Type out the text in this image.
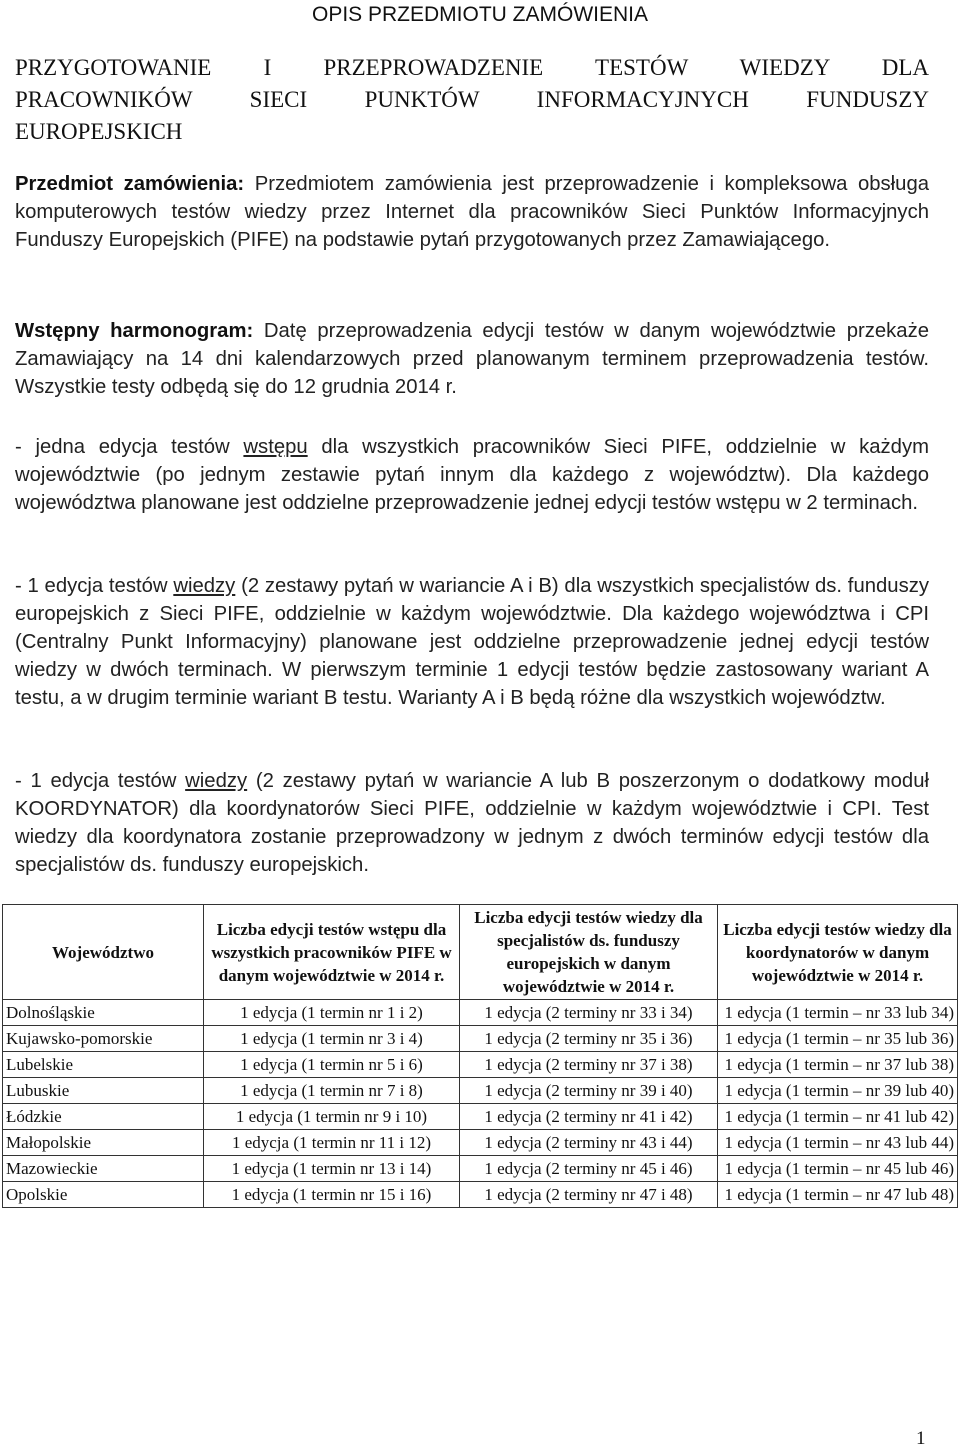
OPIS PRZEDMIOTU ZAMÓWIENIA
PRZYGOTOWANIE I PRZEPROWADZENIE TESTÓW WIEDZY DLA
PRACOWNIKÓW SIECI PUNKTÓW INFORMACYJNYCH FUNDUSZY
EUROPEJSKICH
Przedmiot zamówienia: Przedmiotem zamówienia jest przeprowadzenie i kompleksowa obsługa komputerowych testów wiedzy przez Internet dla pracowników Sieci Punktów Informacyjnych Funduszy Europejskich (PIFE) na podstawie pytań przygotowanych przez Zamawiającego.
Wstępny harmonogram: Datę przeprowadzenia edycji testów w danym województwie przekaże Zamawiający na 14 dni kalendarzowych przed planowanym terminem przeprowadzenia testów. Wszystkie testy odbędą się do 12 grudnia 2014 r.
- jedna edycja testów wstępu dla wszystkich pracowników Sieci PIFE, oddzielnie w każdym województwie (po jednym zestawie pytań innym dla każdego z województw). Dla każdego województwa planowane jest oddzielne przeprowadzenie jednej edycji testów wstępu w 2 terminach.
- 1 edycja testów wiedzy (2 zestawy pytań w wariancie A i B) dla wszystkich specjalistów ds. funduszy europejskich z Sieci PIFE, oddzielnie w każdym województwie. Dla każdego województwa i CPI (Centralny Punkt Informacyjny) planowane jest oddzielne przeprowadzenie jednej edycji testów wiedzy w dwóch terminach. W pierwszym terminie 1 edycji testów będzie zastosowany wariant A testu, a w drugim terminie wariant B testu. Warianty A i B będą różne dla wszystkich województw.
- 1 edycja testów wiedzy (2 zestawy pytań w wariancie A lub B poszerzonym o dodatkowy moduł KOORDYNATOR) dla koordynatorów Sieci PIFE, oddzielnie w każdym województwie i CPI. Test wiedzy dla koordynatora zostanie przeprowadzony w jednym z dwóch terminów edycji testów dla specjalistów ds. funduszy europejskich.
Województwo	Liczba edycji testów wstępu dla wszystkich pracowników PIFE w danym województwie w 2014 r.	Liczba edycji testów wiedzy dla specjalistów ds. funduszy europejskich w danym województwie w 2014 r.	Liczba edycji testów wiedzy dla koordynatorów w danym województwie w 2014 r.
Dolnośląskie	1 edycja (1 termin nr 1 i 2)	1 edycja (2 terminy nr 33 i 34)	1 edycja (1 termin – nr 33 lub 34)
Kujawsko-pomorskie	1 edycja (1 termin nr 3 i 4)	1 edycja (2 terminy nr 35 i 36)	1 edycja (1 termin – nr 35 lub 36)
Lubelskie	1 edycja (1 termin nr 5 i 6)	1 edycja (2 terminy nr 37 i 38)	1 edycja (1 termin – nr 37 lub 38)
Lubuskie	1 edycja (1 termin nr 7 i 8)	1 edycja (2 terminy nr 39 i 40)	1 edycja (1 termin – nr 39 lub 40)
Łódzkie	1 edycja (1 termin nr 9 i 10)	1 edycja (2 terminy nr 41 i 42)	1 edycja (1 termin – nr 41 lub 42)
Małopolskie	1 edycja (1 termin nr 11 i 12)	1 edycja (2 terminy nr 43 i 44)	1 edycja (1 termin – nr 43 lub 44)
Mazowieckie	1 edycja (1 termin nr 13 i 14)	1 edycja (2 terminy nr 45 i 46)	1 edycja (1 termin – nr 45 lub 46)
Opolskie	1 edycja (1 termin nr 15 i 16)	1 edycja (2 terminy nr 47 i 48)	1 edycja (1 termin – nr 47 lub 48)
1
